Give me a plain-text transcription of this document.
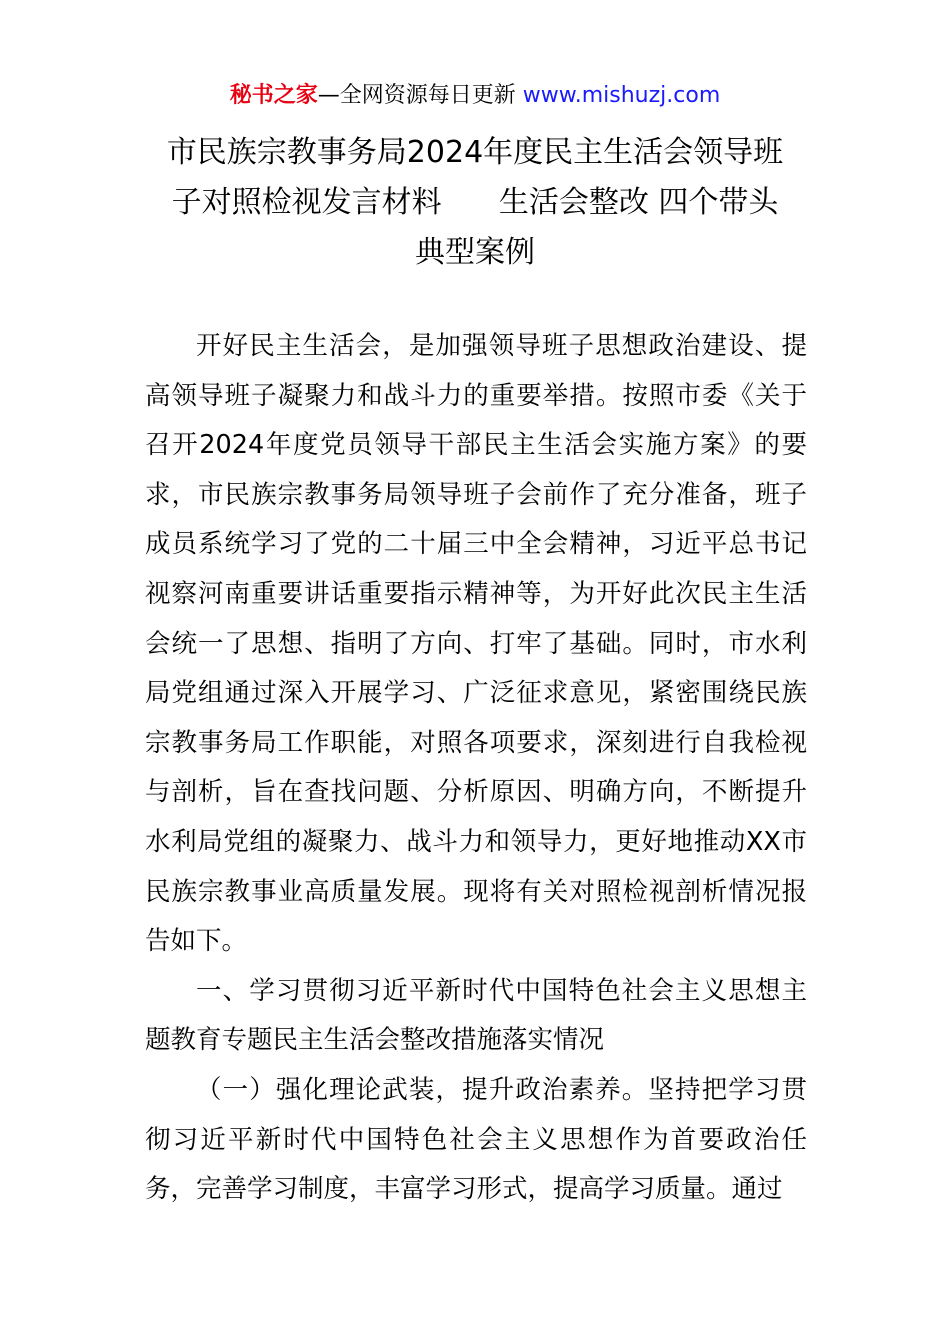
秘书之家—全网资源每日更新 www.mishuzj.com
市民族宗教事务局2024年度民主生活会领导班
子对照检视发言材料      生活会整改 四个带头
典型案例

开好民主生活会，是加强领导班子思想政治建设、提高领导班子凝聚力和战斗力的重要举措。按照市委《关于召开2024年度党员领导干部民主生活会实施方案》的要求，市民族宗教事务局领导班子会前作了充分准备，班子成员系统学习了党的二十届三中全会精神，习近平总书记视察河南重要讲话重要指示精神等，为开好此次民主生活会统一了思想、指明了方向、打牢了基础。同时，市水利局党组通过深入开展学习、广泛征求意见，紧密围绕民族宗教事务局工作职能，对照各项要求，深刻进行自我检视与剖析，旨在查找问题、分析原因、明确方向，不断提升水利局党组的凝聚力、战斗力和领导力，更好地推动XX市民族宗教事业高质量发展。现将有关对照检视剖析情况报告如下。

一、学习贯彻习近平新时代中国特色社会主义思想主题教育专题民主生活会整改措施落实情况

（一）强化理论武装，提升政治素养。坚持把学习贯彻习近平新时代中国特色社会主义思想作为首要政治任务，完善学习制度，丰富学习形式，提高学习质量。通过
